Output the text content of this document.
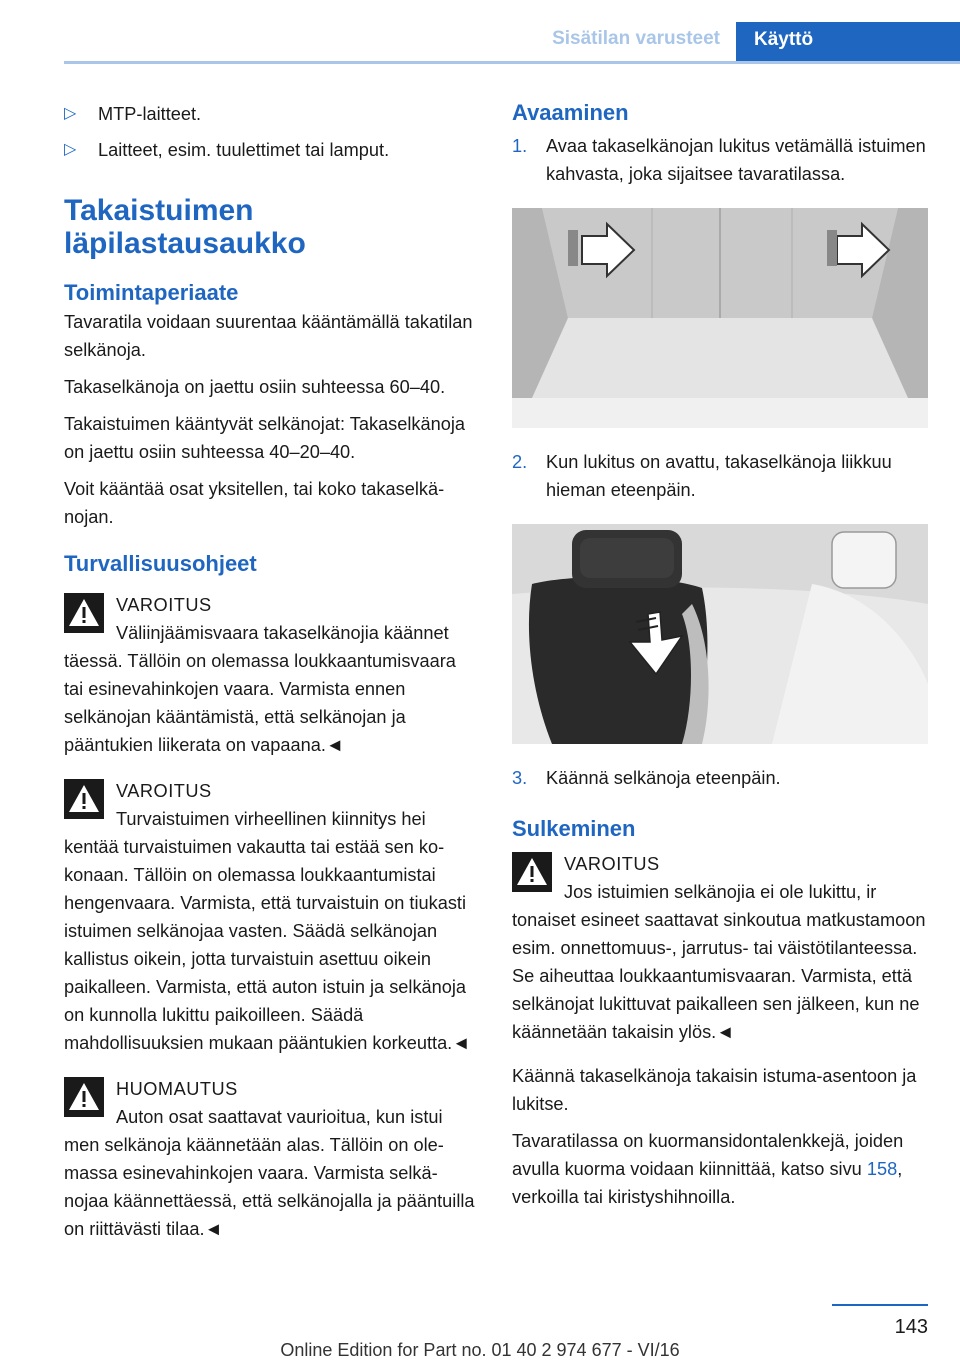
Sisätilan varusteet	Käyttö
▷	MTP-laitteet.
▷	Laitteet, esim. tuulettimet tai lamput.
Takaistuimen läpilastausaukko
Toimintaperiaate

Tavaratila voidaan suurentaa kääntämällä takatilan selkänoja.

Takaselkänoja on jaettu osiin suhteessa 60–40.

Takaistuimen kääntyvät selkänojat: Takaselkänoja on jaettu osiin suhteessa 40–20–40.

Voit kääntää osat yksitellen, tai koko takaselkänojan.

Turvallisuusohjeet
VAROITUS
Väliinjäämisvaara takaselkänojia käännet
täessä. Tällöin on olemassa loukkaantumisvaara tai esinevahinkojen vaara. Varmista ennen selkänojan kääntämistä, että selkänojan ja pääntukien liikerata on vapaana.◄
VAROITUS
Turvaistuimen virheellinen kiinnitys hei
kentää turvaistuimen vakautta tai estää sen kokonaan. Tällöin on olemassa loukkaantumistai hengenvaara. Varmista, että turvaistuin on tiukasti istuimen selkänojaa vasten. Säädä selkänojan kallistus oikein, jotta turvaistuin asettuu oikein paikalleen. Varmista, että auton istuin ja selkänoja on kunnolla lukittu paikoilleen. Säädä mahdollisuuksien mukaan pääntukien korkeutta.◄
HUOMAUTUS
Auton osat saattavat vaurioitua, kun istui
men selkänoja käännetään alas. Tällöin on olemassa esinevahinkojen vaara. Varmista selkänojaa käännettäessä, että selkänojalla ja pääntuilla on riittävästi tilaa.◄
Avaaminen
1.	Avaa takaselkänojan lukitus vetämällä istuimen kahvasta, joka sijaitsee tavaratilassa.
2.	Kun lukitus on avattu, takaselkänoja liikkuu hieman eteenpäin.
3.	Käännä selkänoja eteenpäin.
Sulkeminen
VAROITUS
Jos istuimien selkänojia ei ole lukittu, ir
tonaiset esineet saattavat sinkoutua matkustamoon esim. onnettomuus-, jarrutus- tai väistötilanteessa. Se aiheuttaa loukkaantumisvaaran. Varmista, että selkänojat lukittuvat paikalleen sen jälkeen, kun ne käännetään takaisin ylös.◄

Käännä takaselkänoja takaisin istuma-asentoon ja lukitse.

Tavaratilassa on kuormansidontalenkkejä, joiden avulla kuorma voidaan kiinnittää, katso sivu 158, verkoilla tai kiristyshihnoilla.

143
Online Edition for Part no. 01 40 2 974 677 - VI/16
